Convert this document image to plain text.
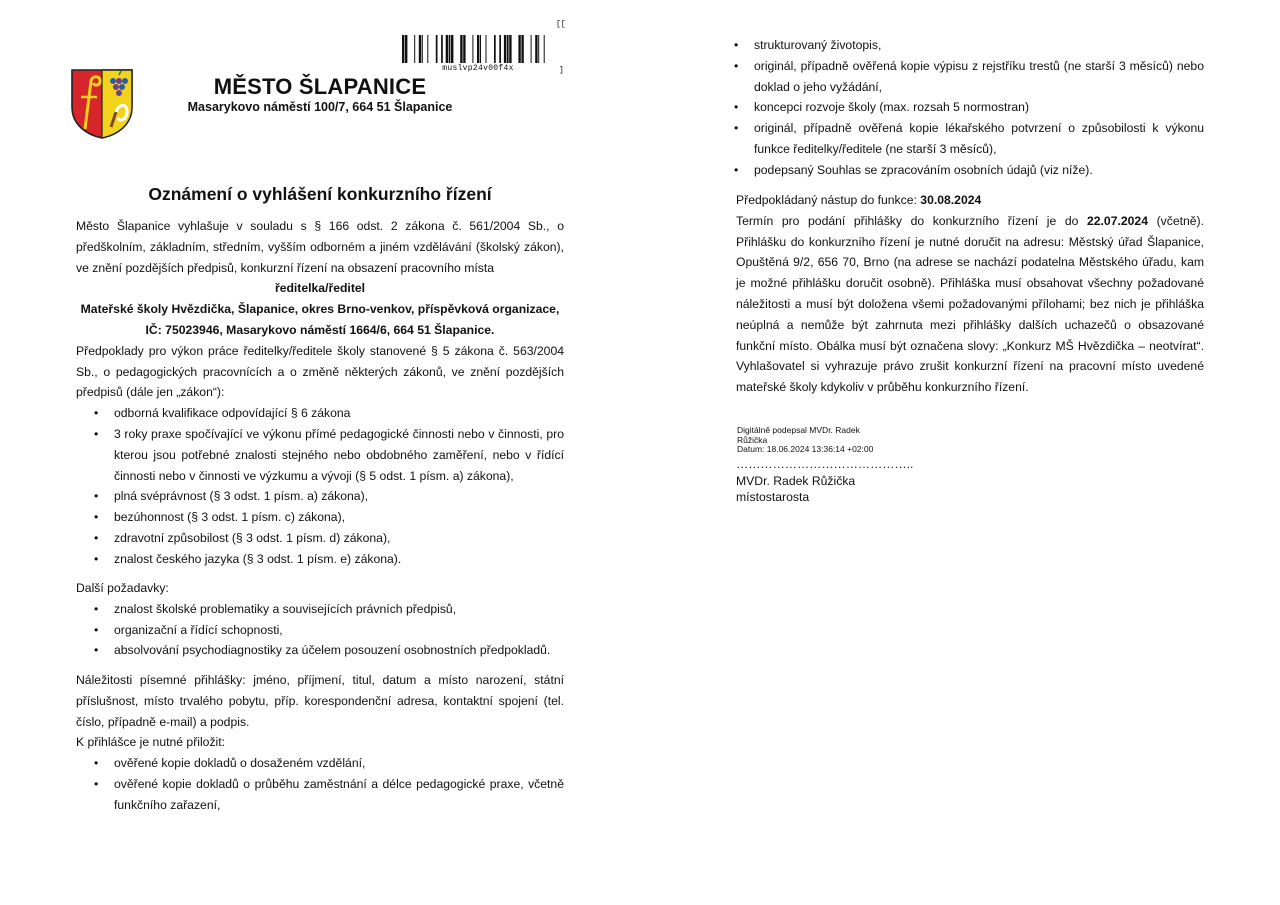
[[
muslvp24v00f4x	]
MĚSTO ŠLAPANICE
Masarykovo náměstí 100/7, 664 51 Šlapanice
Oznámení o vyhlášení konkurzního řízení

Město Šlapanice vyhlašuje v souladu s § 166 odst. 2 zákona č. 561/2004 Sb., o předškolním, základním, středním, vyšším odborném a jiném vzdělávání (školský zákon), ve znění pozdějších předpisů, konkurzní řízení na obsazení pracovního místa

ředitelka/ředitel

Mateřské školy Hvězdička, Šlapanice, okres Brno-venkov, příspěvková organizace,

IČ: 75023946, Masarykovo náměstí 1664/6, 664 51 Šlapanice.

Předpoklady pro výkon práce ředitelky/ředitele školy stanovené § 5 zákona č. 563/2004 Sb., o pedagogických pracovnících a o změně některých zákonů, ve znění pozdějších předpisů (dále jen „zákon“):

• odborná kvalifikace odpovídající § 6 zákona
• 3 roky praxe spočívající ve výkonu přímé pedagogické činnosti nebo v činnosti, pro kterou jsou potřebné znalosti stejného nebo obdobného zaměření, nebo v řídící činnosti nebo v činnosti ve výzkumu a vývoji (§ 5 odst. 1 písm. a) zákona),
• plná svéprávnost (§ 3 odst. 1 písm. a) zákona),
• bezúhonnost (§ 3 odst. 1 písm. c) zákona),
• zdravotní způsobilost (§ 3 odst. 1 písm. d) zákona),
• znalost českého jazyka (§ 3 odst. 1 písm. e) zákona).

Další požadavky:

• znalost školské problematiky a souvisejících právních předpisů,
• organizační a řídící schopnosti,
• absolvování psychodiagnostiky za účelem posouzení osobnostních předpokladů.

Náležitosti písemné přihlášky: jméno, příjmení, titul, datum a místo narození, státní příslušnost, místo trvalého pobytu, příp. korespondenční adresa, kontaktní spojení (tel. číslo, případně e-mail) a podpis.

K přihlášce je nutné přiložit:

• ověřené kopie dokladů o dosaženém vzdělání,
• ověřené kopie dokladů o průběhu zaměstnání a délce pedagogické praxe, včetně funkčního zařazení,
• strukturovaný životopis,
• originál, případně ověřená kopie výpisu z rejstříku trestů (ne starší 3 měsíců) nebo doklad o jeho vyžádání,
• koncepci rozvoje školy (max. rozsah 5 normostran)
• originál, případně ověřená kopie lékařského potvrzení o způsobilosti k výkonu funkce ředitelky/ředitele (ne starší 3 měsíců),
• podepsaný Souhlas se zpracováním osobních údajů (viz níže).

Předpokládaný nástup do funkce: 30.08.2024

Termín pro podání přihlášky do konkurzního řízení je do 22.07.2024 (včetně). Přihlášku do konkurzního řízení je nutné doručit na adresu: Městský úřad Šlapanice, Opuštěná 9/2, 656 70, Brno (na adrese se nachází podatelna Městského úřadu, kam je možné přihlášku doručit osobně). Přihláška musí obsahovat všechny požadované náležitosti a musí být doložena všemi požadovanými přílohami; bez nich je přihláška neúplná a nemůže být zahrnuta mezi přihlášky dalších uchazečů o obsazované funkční místo. Obálka musí být označena slovy: „Konkurz MŠ Hvězdička – neotvírat“. Vyhlašovatel si vyhrazuje právo zrušit konkurzní řízení na pracovní místo uvedené mateřské školy kdykoliv v průběhu konkurzního řízení.

Digitálně podepsal MVDr. Radek
Růžička
Datum: 18.06.2024 13:36:14 +02:00
……………………………………..
MVDr. Radek Růžička
místostarosta
